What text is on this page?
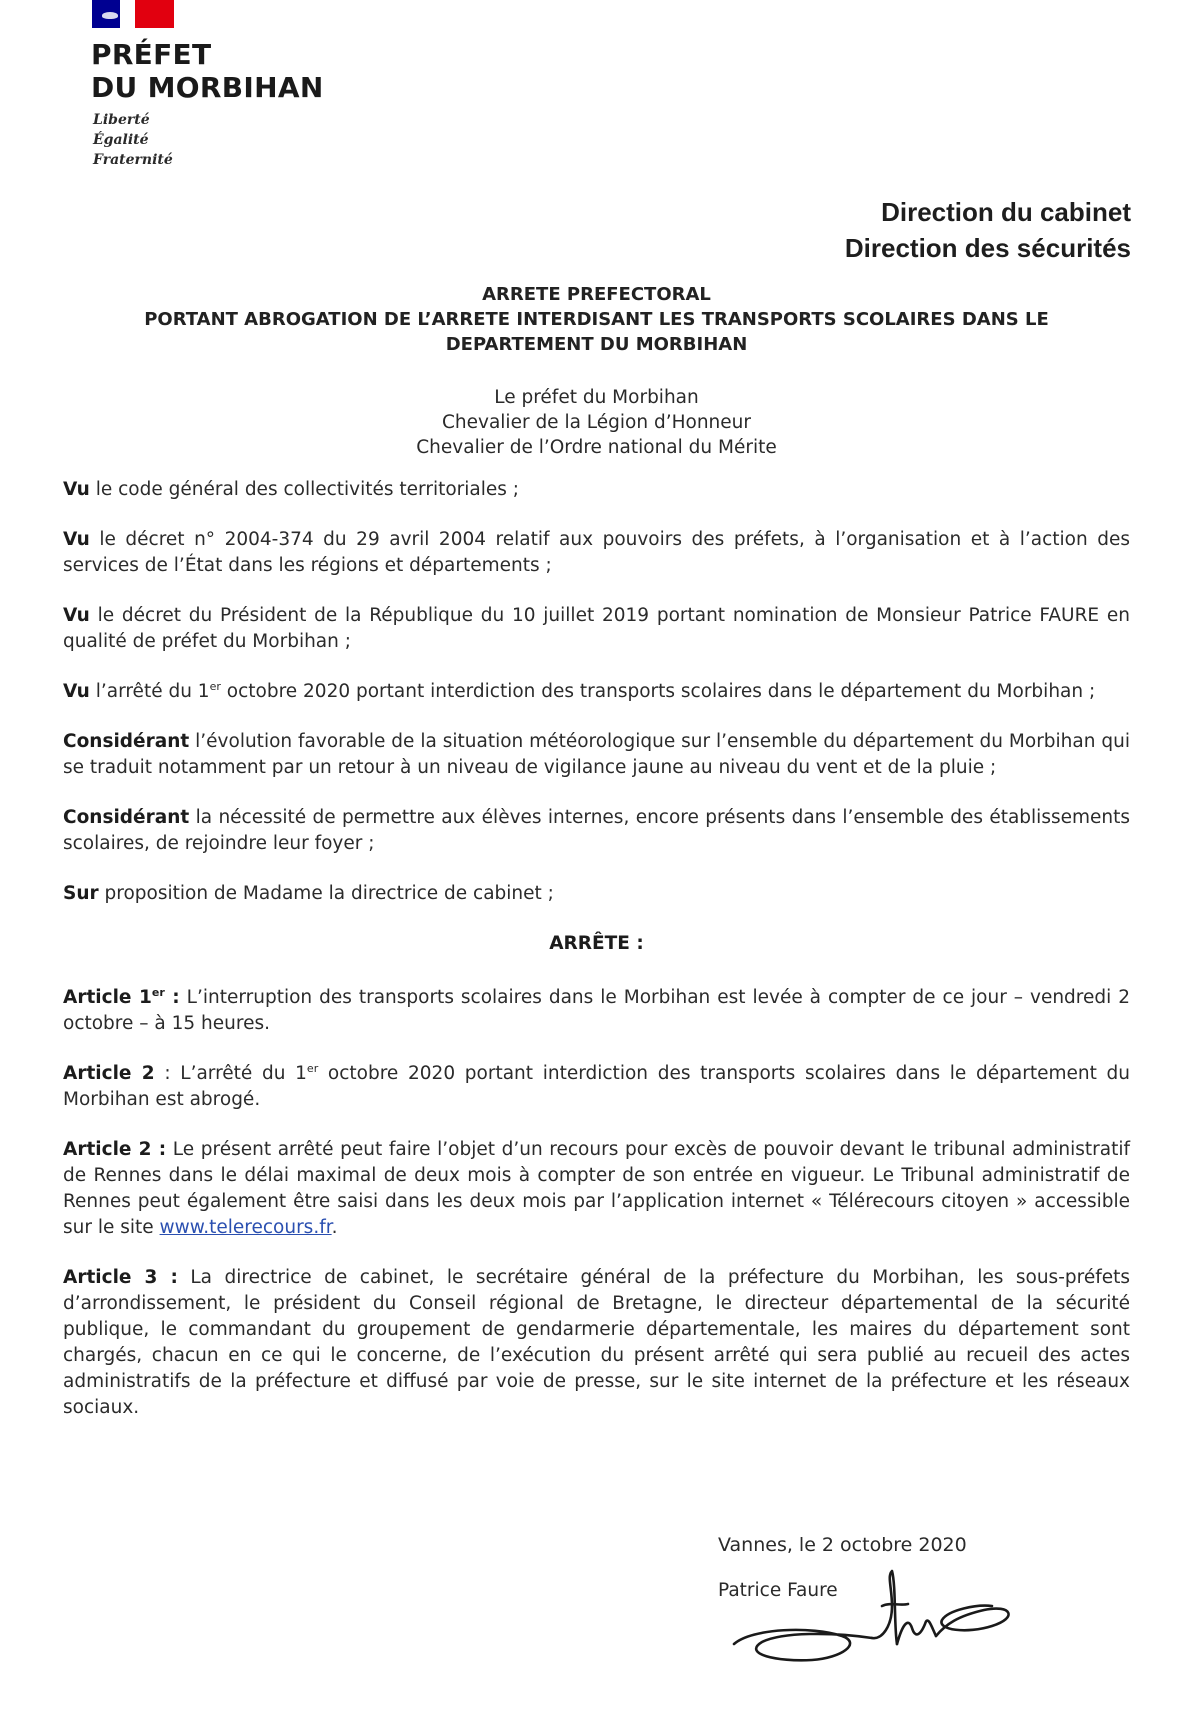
PRÉFET
DU MORBIHAN
Liberté
Égalité
Fraternité
Direction du cabinet
Direction des sécurités
ARRETE PREFECTORAL
PORTANT ABROGATION DE L’ARRETE INTERDISANT LES TRANSPORTS SCOLAIRES DANS LE
DEPARTEMENT DU MORBIHAN
Le préfet du Morbihan
Chevalier de la Légion d’Honneur
Chevalier de l’Ordre national du Mérite

Vu le code général des collectivités territoriales ;

Vu le décret n° 2004-374 du 29 avril 2004 relatif aux pouvoirs des préfets, à l’organisation et à l’action des services de l’État dans les régions et départements ;

Vu le décret du Président de la République du 10 juillet 2019 portant nomination de Monsieur Patrice FAURE en qualité de préfet du Morbihan ;

Vu l’arrêté du 1er octobre 2020 portant interdiction des transports scolaires dans le département du Morbihan ;

Considérant l’évolution favorable de la situation météorologique sur l’ensemble du département du Morbihan qui se traduit notamment par un retour à un niveau de vigilance jaune au niveau du vent et de la pluie ;

Considérant la nécessité de permettre aux élèves internes, encore présents dans l’ensemble des établissements scolaires, de rejoindre leur foyer ;

Sur proposition de Madame la directrice de cabinet ;

ARRÊTE :

Article 1er : L’interruption des transports scolaires dans le Morbihan est levée à compter de ce jour – vendredi 2 octobre – à 15 heures.

Article 2 : L’arrêté du 1er octobre 2020 portant interdiction des transports scolaires dans le département du Morbihan est abrogé.

Article 2 : Le présent arrêté peut faire l’objet d’un recours pour excès de pouvoir devant le tribunal administratif de Rennes dans le délai maximal de deux mois à compter de son entrée en vigueur. Le Tribunal administratif de Rennes peut également être saisi dans les deux mois par l’application internet « Télérecours citoyen » accessible sur le site www.telerecours.fr.

Article 3 : La directrice de cabinet, le secrétaire général de la préfecture du Morbihan, les sous-préfets d’arrondissement, le président du Conseil régional de Bretagne, le directeur départemental de la sécurité publique, le commandant du groupement de gendarmerie départementale, les maires du département sont chargés, chacun en ce qui le concerne, de l’exécution du présent arrêté qui sera publié au recueil des actes administratifs de la préfecture et diffusé par voie de presse, sur le site internet de la préfecture et les réseaux sociaux.

Vannes, le 2 octobre 2020
Patrice Faure
